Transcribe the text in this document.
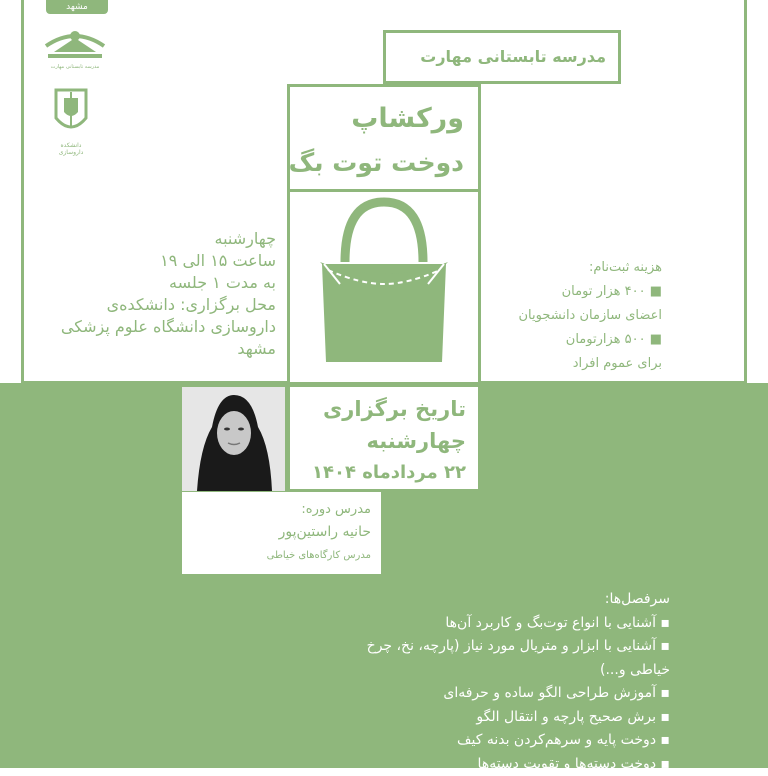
مشهد
مدرسه تابستانی مهارت
دانشکده داروسازی
مدرسه تابستانی مهارت
ورکشاپ
دوخت توت بگ
چهارشنبه
ساعت ۱۵ الی ۱۹
به مدت ۱ جلسه
محل برگزاری: دانشکده‌ی
داروسازی دانشگاه علوم پزشکی
مشهد
هزینه ثبت‌نام:
■ ۴۰۰ هزار تومان
اعضای سازمان دانشجویان
■ ۵۰۰ هزارتومان
برای عموم افراد
تاریخ برگزاری
چهارشنبه
۲۲ مردادماه ۱۴۰۴
مدرس دوره:
حانیه راستین‌پور
مدرس کارگاه‌های خیاطی
سرفصل‌ها:
▪ آشنایی با انواع توت‌بگ و کاربرد آن‌ها
▪ آشنایی با ابزار و متریال مورد نیاز (پارچه، نخ، چرخ
خیاطی و...)
▪ آموزش طراحی الگو ساده و حرفه‌ای
▪ برش صحیح پارچه و انتقال الگو
▪ دوخت پایه و سرهم‌کردن بدنه کیف
▪ دوخت دسته‌ها و تقویت دسته‌ها
